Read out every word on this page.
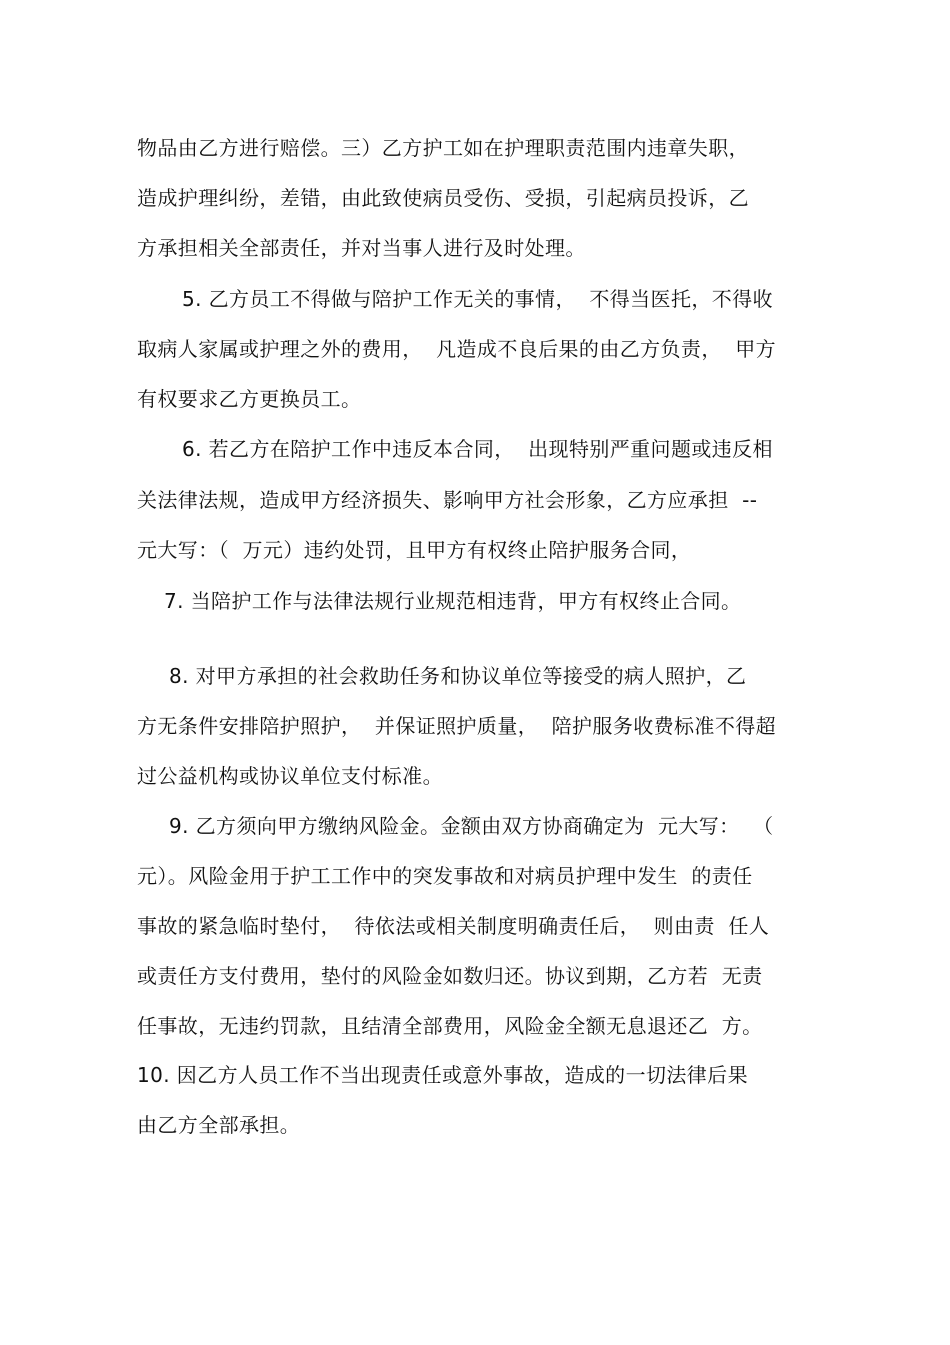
物品由乙方进行赔偿。三）乙方护工如在护理职责范围内违章失职，
造成护理纠纷，差错，由此致使病员受伤、受损，引起病员投诉，乙
方承担相关全部责任，并对当事人进行及时处理。
5. 乙方员工不得做与陪护工作无关的事情，  不得当医托，不得收
取病人家属或护理之外的费用，  凡造成不良后果的由乙方负责，  甲方
有权要求乙方更换员工。
6. 若乙方在陪护工作中违反本合同，  出现特别严重问题或违反相
关法律法规，造成甲方经济损失、影响甲方社会形象，乙方应承担  --
元大写：（  万元）违约处罚，且甲方有权终止陪护服务合同，
7. 当陪护工作与法律法规行业规范相违背，甲方有权终止合同。
8. 对甲方承担的社会救助任务和协议单位等接受的病人照护，乙
方无条件安排陪护照护，  并保证照护质量，  陪护服务收费标准不得超
过公益机构或协议单位支付标准。
9. 乙方须向甲方缴纳风险金。金额由双方协商确定为  元大写：  （
元）。风险金用于护工工作中的突发事故和对病员护理中发生  的责任
事故的紧急临时垫付，  待依法或相关制度明确责任后，  则由责  任人
或责任方支付费用，垫付的风险金如数归还。协议到期，乙方若  无责
任事故，无违约罚款，且结清全部费用，风险金全额无息退还乙  方。
10. 因乙方人员工作不当出现责任或意外事故，造成的一切法律后果
由乙方全部承担。
